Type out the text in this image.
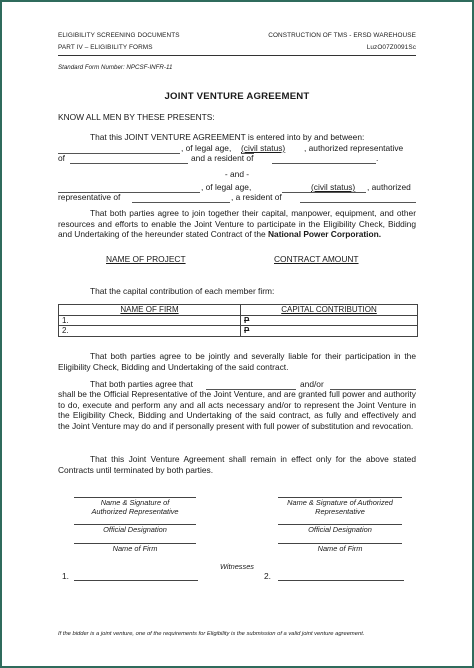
ELIGIBILITY SCREENING DOCUMENTS
PART IV – ELIGIBILITY FORMS
CONSTRUCTION OF TMS - ERSD WAREHOUSE
LuzO07Z0091Sc
Standard Form Number: NPCSF-INFR-11
JOINT VENTURE AGREEMENT
KNOW ALL MEN BY THESE PRESENTS:
That this JOINT VENTURE AGREEMENT is entered into by and between:
, of legal age, (civil status) , authorized representative
of	and a resident of	.
- and -
, of legal age,	(civil status) , authorized
representative of	, a resident of
That both parties agree to join together their capital, manpower, equipment, and other resources and efforts to enable the Joint Venture to participate in the Eligibility Check, Bidding and Undertaking of the hereunder stated Contract of the National Power Corporation.
NAME OF PROJECT	CONTRACT AMOUNT
That the capital contribution of each member firm:
NAME OF FIRM	CAPITAL CONTRIBUTION
1.	P
2.	P
That both parties agree to be jointly and severally liable for their participation in the Eligibility Check, Bidding and Undertaking of the said contract.
That both parties agree that	and/or
shall be the Official Representative of the Joint Venture, and are granted full power and authority to do, execute and perform any and all acts necessary and/or to represent the Joint Venture in the Eligibility Check, Bidding and Undertaking of the said contract, as fully and effectively and the Joint Venture may do and if personally present with full power of substitution and revocation.
That this Joint Venture Agreement shall remain in effect only for the above stated Contracts until terminated by both parties.
Name & Signature of
Authorized Representative
Official Designation
Name of Firm
Name & Signature of Authorized
Representative
Official Designation
Name of Firm
Witnesses
1.	2.
If the bidder is a joint venture, one of the requirements for Eligibility is the submission of a valid joint venture agreement.
